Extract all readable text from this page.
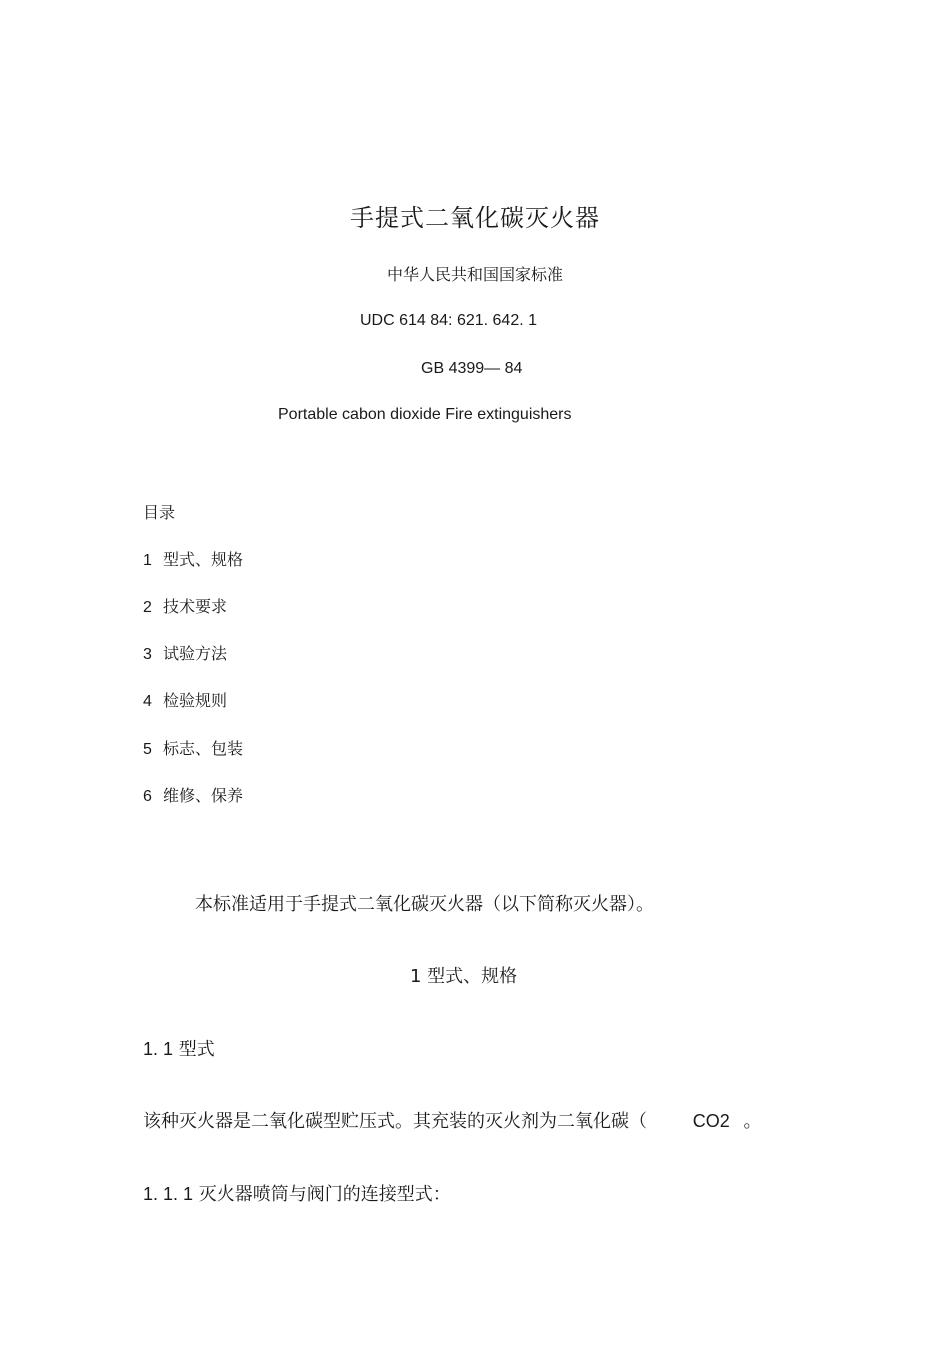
手提式二氧化碳灭火器
中华人民共和国国家标准
UDC 614 84: 621. 642. 1
GB 4399— 84
Portable cabon dioxide Fire extinguishers
目录
1 型式、规格
2 技术要求
3 试验方法
4 检验规则
5 标志、包装
6 维修、保养
本标准适用于手提式二氧化碳灭火器（以下简称灭火器）。
1 型式、规格
1. 1 型式
该种灭火器是二氧化碳型贮压式。其充装的灭火剂为二氧化碳（	CO2 。
1. 1. 1 灭火器喷筒与阀门的连接型式：
